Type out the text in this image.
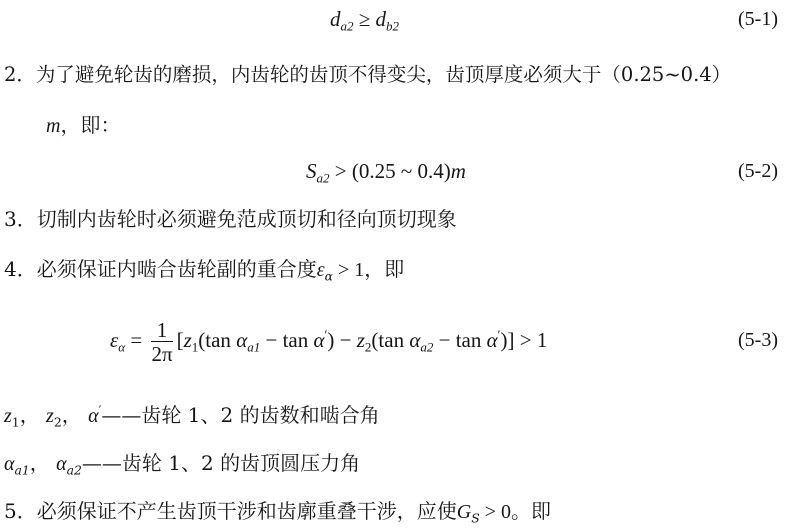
$d_{a2} \ge d_{b2}$	(5-1)
2．为了避免轮齿的磨损，内齿轮的齿顶不得变尖，齿顶厚度必须大于（0.25~0.4）
m，即：
$S_{a2} > (0.25$ ~ 0.4)m	(5-2)
3．切制内齿轮时必须避免范成顶切和径向顶切现象
4．必须保证内啮合齿轮副的重合度$\varepsilon_\alpha > 1$，即
$\varepsilon_\alpha = \frac{1}{2\pi} [z_1(\tan$ $\alpha_{a1} - \tan \alpha') - z_2(\tan$ $\alpha_{a2} - \tan \alpha')] > 1$	(5-3)
$z_1$， $z_2$， α′——齿轮 1、2 的齿数和啮合角
$\alpha_{a1}$， $\alpha_{a2}——$齿轮 1、2 的齿顶圆压力角
5．必须保证不产生齿顶干涉和齿廓重叠干涉，应使$G_S > 0$。即
